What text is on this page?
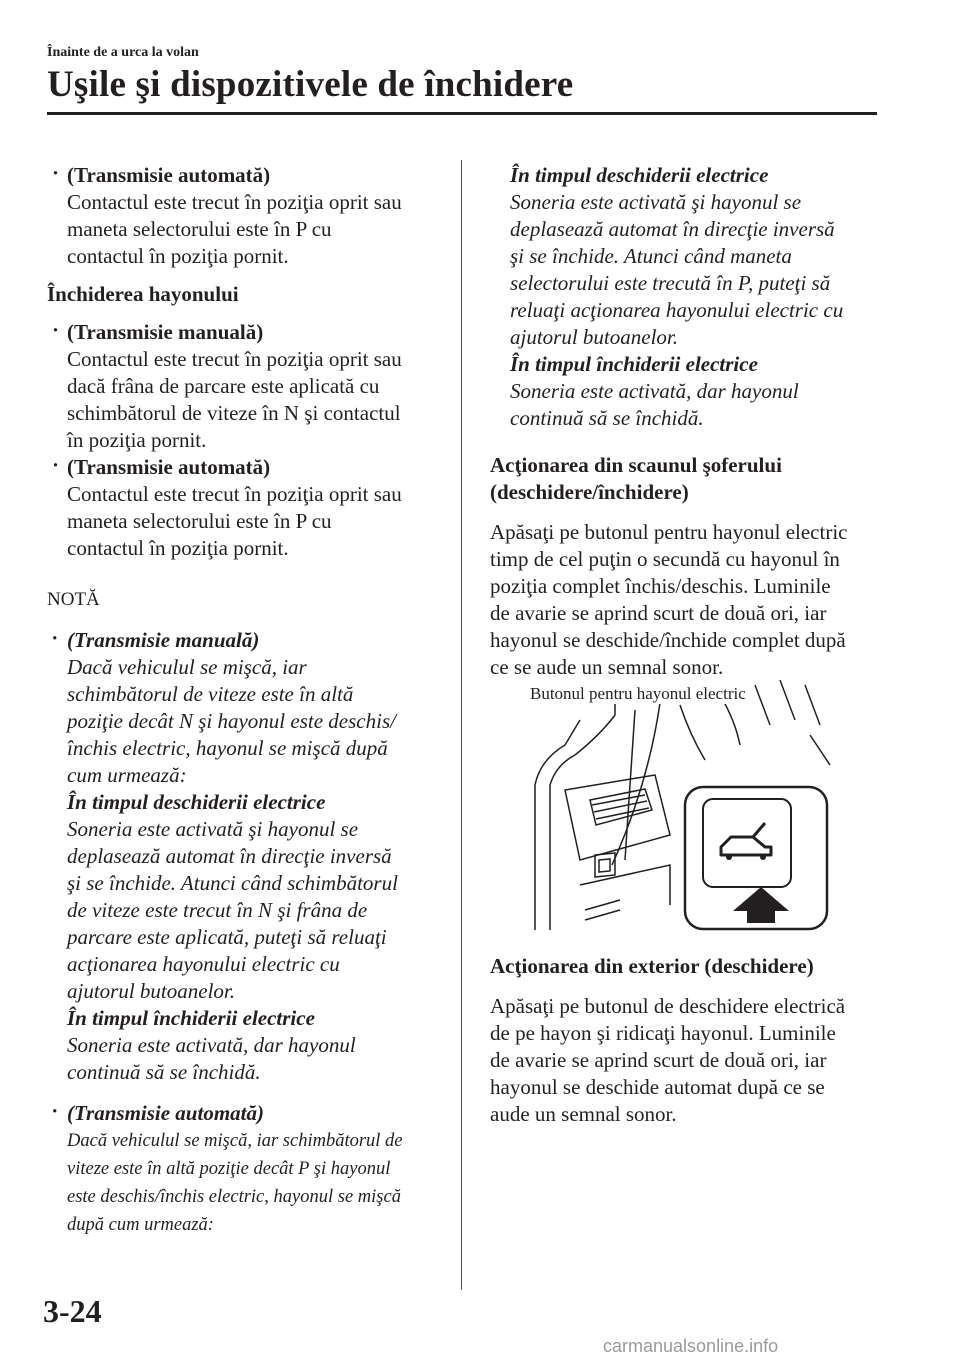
Înainte de a urca la volan
Uşile şi dispozitivele de închidere

· (Transmisie automată)

Contactul este trecut în poziţia oprit sau

maneta selectorului este în P cu

contactul în poziţia pornit.

Închiderea hayonului

· (Transmisie manuală)

Contactul este trecut în poziţia oprit sau

dacă frâna de parcare este aplicată cu

schimbătorul de viteze în N şi contactul

în poziţia pornit.

· (Transmisie automată)

Contactul este trecut în poziţia oprit sau

maneta selectorului este în P cu

contactul în poziţia pornit.

NOTĂ

· (Transmisie manuală)

Dacă vehiculul se mişcă, iar

schimbătorul de viteze este în altă

poziţie decât N şi hayonul este deschis/

închis electric, hayonul se mişcă după

cum urmează:

În timpul deschiderii electrice

Soneria este activată şi hayonul se

deplasează automat în direcţie inversă

şi se închide. Atunci când schimbătorul

de viteze este trecut în N şi frâna de

parcare este aplicată, puteţi să reluaţi

acţionarea hayonului electric cu

ajutorul butoanelor.

În timpul închiderii electrice

Soneria este activată, dar hayonul

continuă să se închidă.

· (Transmisie automată)

Dacă vehiculul se mişcă, iar schimbătorul de

viteze este în altă poziţie decât P şi hayonul

este deschis/închis electric, hayonul se mişcă

după cum urmează:

În timpul deschiderii electrice

Soneria este activată şi hayonul se

deplasează automat în direcţie inversă

şi se închide. Atunci când maneta

selectorului este trecută în P, puteţi să

reluaţi acţionarea hayonului electric cu

ajutorul butoanelor.

În timpul închiderii electrice

Soneria este activată, dar hayonul

continuă să se închidă.

Acţionarea din scaunul şoferului

(deschidere/închidere)

Apăsaţi pe butonul pentru hayonul electric

timp de cel puţin o secundă cu hayonul în

poziţia complet închis/deschis. Luminile

de avarie se aprind scurt de două ori, iar

hayonul se deschide/închide complet după

ce se aude un semnal sonor.

Butonul pentru hayonul electric

Acţionarea din exterior (deschidere)

Apăsaţi pe butonul de deschidere electrică

de pe hayon şi ridicaţi hayonul. Luminile

de avarie se aprind scurt de două ori, iar

hayonul se deschide automat după ce se

aude un semnal sonor.

3-24
carmanualsonline.info
